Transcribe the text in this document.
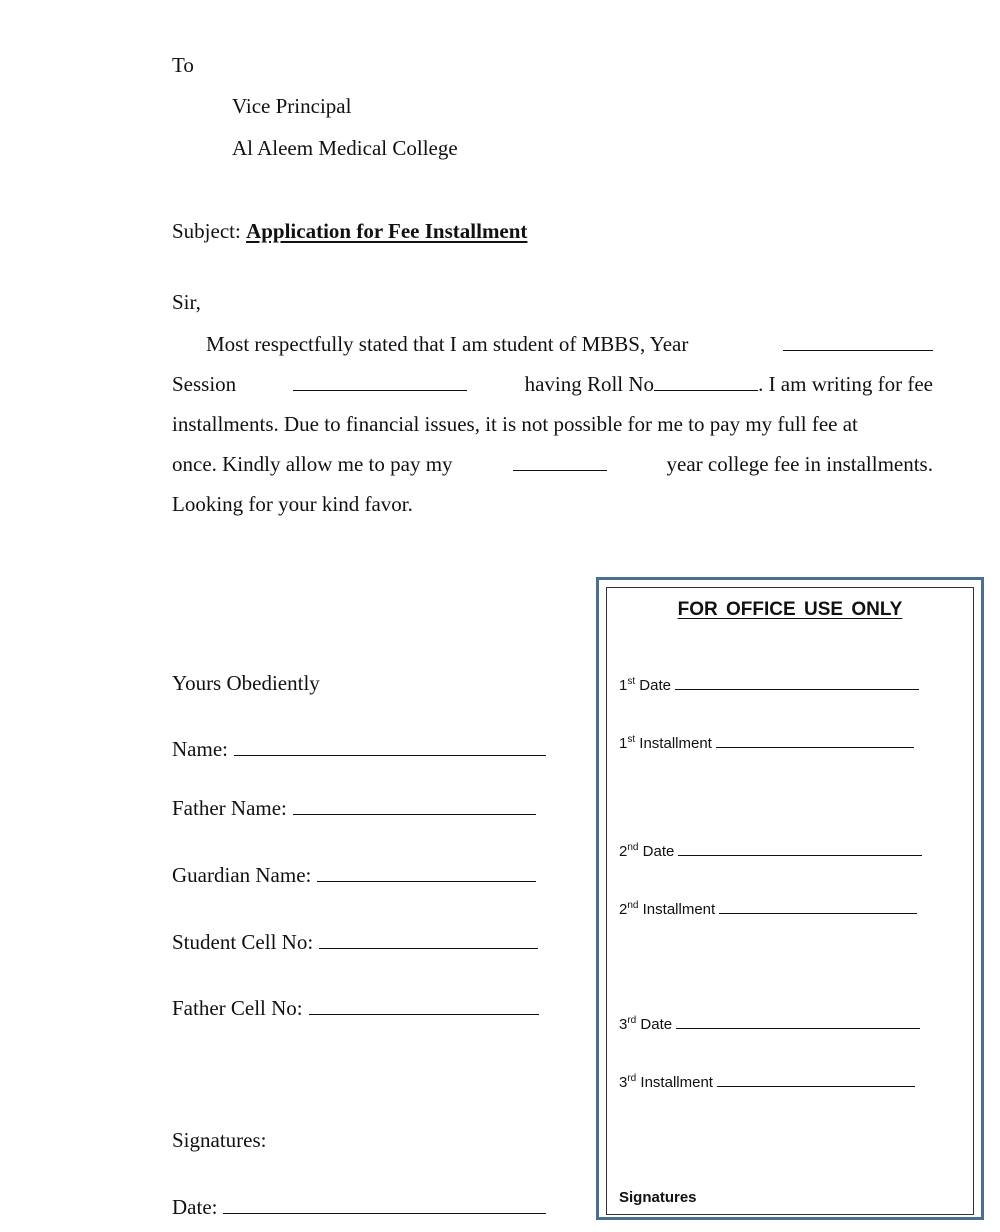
To
Vice Principal
Al Aleem Medical College
Subject: Application for Fee Installment
Sir,
Most respectfully stated that I am student of MBBS, Year
Session	having Roll No	. I am writing for fee
installments. Due to financial issues, it is not possible for me to pay my full fee at
once. Kindly allow me to pay my	year college fee in installments.
Looking for your kind favor.
Yours Obediently
Name:
Father Name:
Guardian Name:
Student Cell No:
Father Cell No:
Signatures:
Date:
FOR OFFICE USE ONLY
1st Date
1st Installment
2nd Date
2nd Installment
3rd Date
3rd Installment
Signatures
